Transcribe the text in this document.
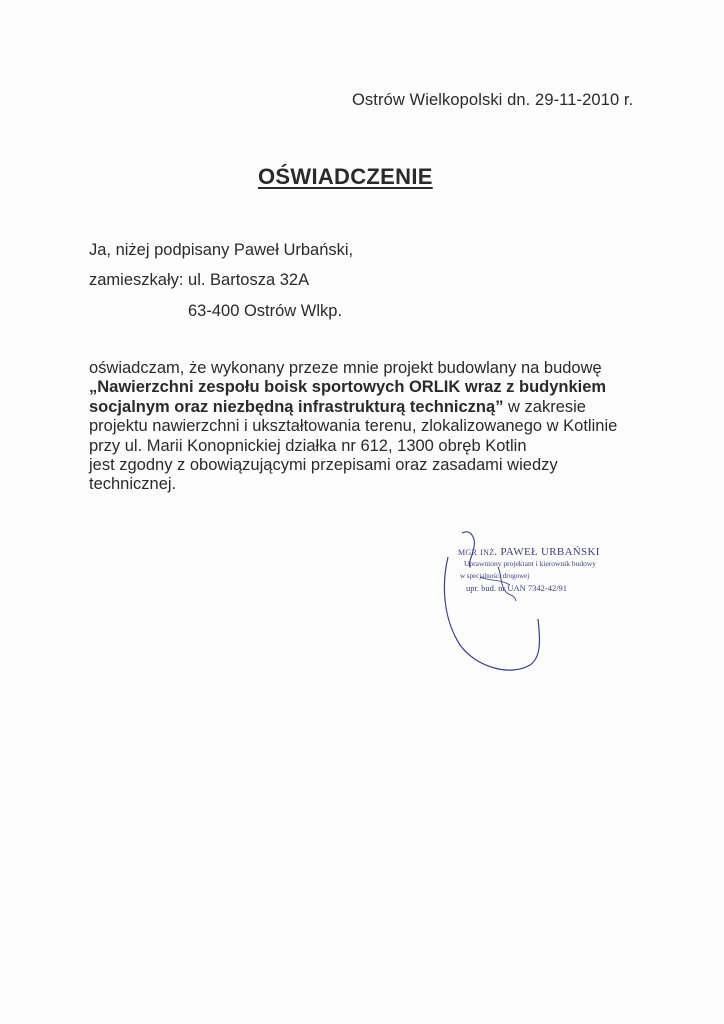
Ostrów Wielkopolski dn. 29-11-2010 r.
OŚWIADCZENIE
Ja, niżej podpisany Paweł Urbański,
zamieszkały: ul. Bartosza 32A
63-400 Ostrów Wlkp.

oświadczam, że wykonany przeze mnie projekt budowlany na budowę

„Nawierzchni zespołu boisk sportowych ORLIK wraz z budynkiem

socjalnym oraz niezbędną infrastrukturą techniczną” w zakresie

projektu nawierzchni i ukształtowania terenu, zlokalizowanego w Kotlinie

przy ul. Marii Konopnickiej działka nr 612, 1300 obręb Kotlin

jest zgodny z obowiązującymi przepisami oraz zasadami wiedzy

technicznej.

mgr inż. PAWEŁ URBAŃSKI
Uprawniony projektant i kierownik budowy
w specjalności drogowej
upr. bud. nr UAN 7342-42/91
